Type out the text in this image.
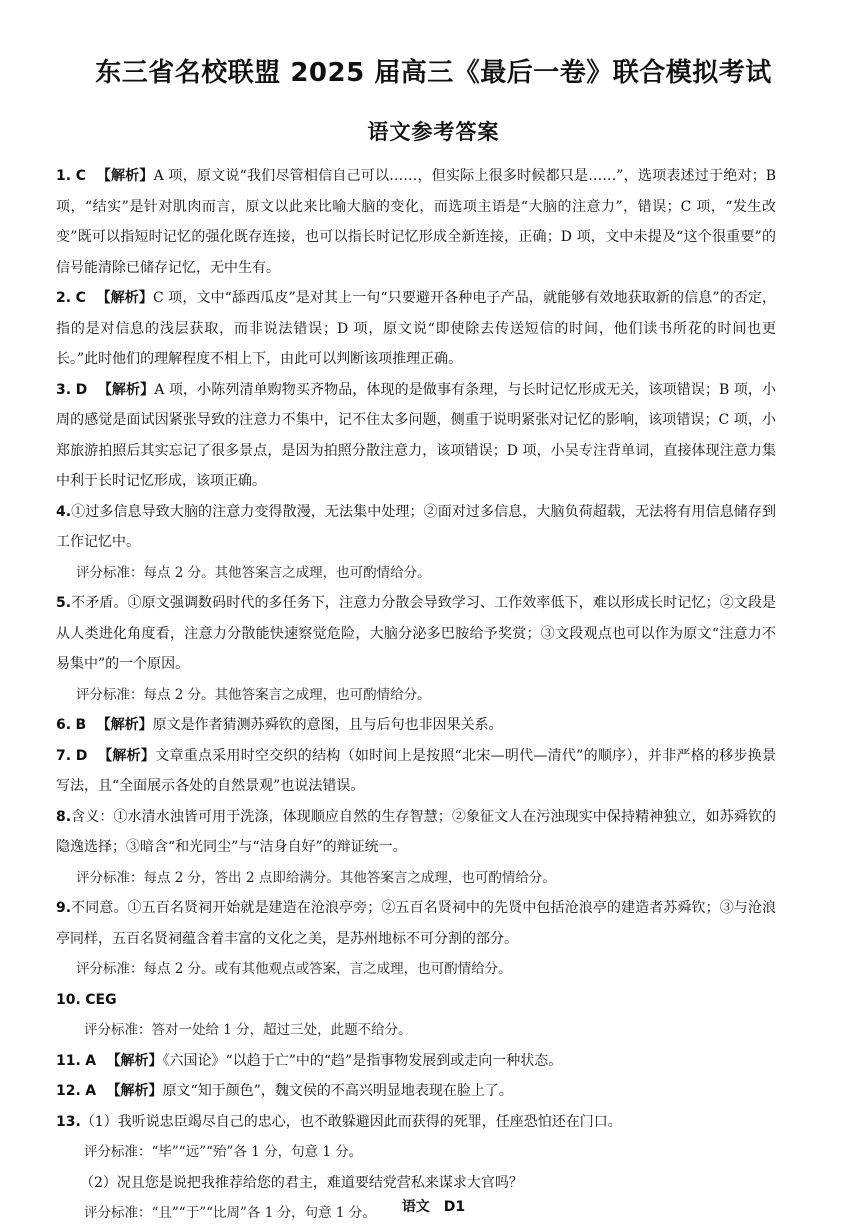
东三省名校联盟 2025 届高三《最后一卷》联合模拟考试
语文参考答案

1. C 【解析】A 项，原文说“我们尽管相信自己可以……，但实际上很多时候都只是……”，选项表述过于绝对；B 项，“结实”是针对肌肉而言，原文以此来比喻大脑的变化，而选项主语是“大脑的注意力”，错误；C 项，“发生改变”既可以指短时记忆的强化既存连接，也可以指长时记忆形成全新连接，正确；D 项，文中未提及“这个很重要”的信号能清除已储存记忆，无中生有。

2. C 【解析】C 项，文中“舔西瓜皮”是对其上一句“只要避开各种电子产品，就能够有效地获取新的信息”的否定，指的是对信息的浅层获取，而非说法错误；D 项，原文说“即使除去传送短信的时间，他们读书所花的时间也更长。”此时他们的理解程度不相上下，由此可以判断该项推理正确。

3. D 【解析】A 项，小陈列清单购物买齐物品，体现的是做事有条理，与长时记忆形成无关，该项错误；B 项，小周的感觉是面试因紧张导致的注意力不集中，记不住太多问题，侧重于说明紧张对记忆的影响，该项错误；C 项，小郑旅游拍照后其实忘记了很多景点，是因为拍照分散注意力，该项错误；D 项，小吴专注背单词，直接体现注意力集中利于长时记忆形成，该项正确。

4.①过多信息导致大脑的注意力变得散漫，无法集中处理；②面对过多信息，大脑负荷超载，无法将有用信息储存到工作记忆中。

评分标准：每点 2 分。其他答案言之成理，也可酌情给分。

5.不矛盾。①原文强调数码时代的多任务下，注意力分散会导致学习、工作效率低下，难以形成长时记忆；②文段是从人类进化角度看，注意力分散能快速察觉危险，大脑分泌多巴胺给予奖赏；③文段观点也可以作为原文“注意力不易集中”的一个原因。

评分标准：每点 2 分。其他答案言之成理，也可酌情给分。

6. B 【解析】原文是作者猜测苏舜钦的意图，且与后句也非因果关系。

7. D 【解析】文章重点采用时空交织的结构（如时间上是按照“北宋—明代—清代”的顺序），并非严格的移步换景写法，且“全面展示各处的自然景观”也说法错误。

8.含义：①水清水浊皆可用于洗涤，体现顺应自然的生存智慧；②象征文人在污浊现实中保持精神独立，如苏舜钦的隐逸选择；③暗含“和光同尘”与“洁身自好”的辩证统一。

评分标准：每点 2 分，答出 2 点即给满分。其他答案言之成理，也可酌情给分。

9.不同意。①五百名贤祠开始就是建造在沧浪亭旁；②五百名贤祠中的先贤中包括沧浪亭的建造者苏舜钦；③与沧浪亭同样，五百名贤祠蕴含着丰富的文化之美，是苏州地标不可分割的部分。

评分标准：每点 2 分。或有其他观点或答案，言之成理，也可酌情给分。

10. CEG

评分标准：答对一处给 1 分，超过三处，此题不给分。

11. A 【解析】《六国论》“以趋于亡”中的“趋”是指事物发展到或走向一种状态。

12. A 【解析】原文“知于颜色”，魏文侯的不高兴明显地表现在脸上了。

13.（1）我听说忠臣竭尽自己的忠心，也不敢躲避因此而获得的死罪，任座恐怕还在门口。

评分标准：“毕”“远”“殆”各 1 分，句意 1 分。

（2）况且您是说把我推荐给您的君主，难道要结党营私来谋求大官吗？

评分标准：“且”“于”“比周”各 1 分，句意 1 分。	语文　D1
